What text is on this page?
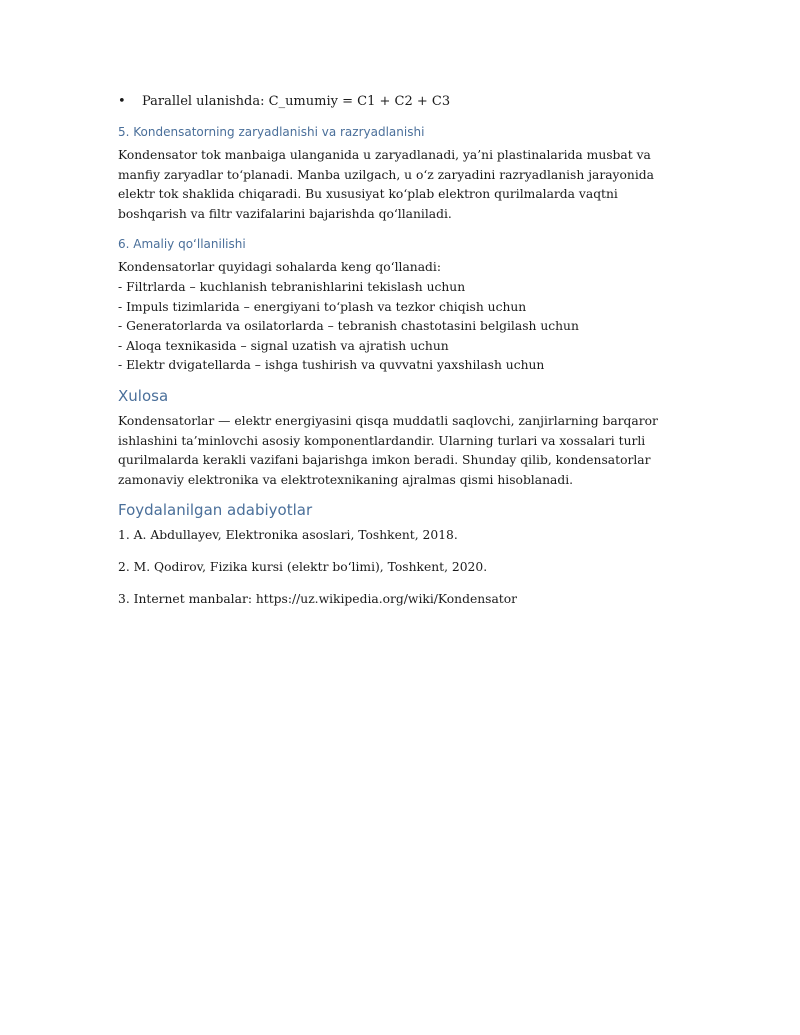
•	Parallel ulanishda: C_umumiy = C1 + C2 + C3
5. Kondensatorning zaryadlanishi va razryadlanishi

Kondensator tok manbaiga ulanganida u zaryadlanadi, ya’ni plastinalarida musbat va manfiy zaryadlar to‘planadi. Manba uzilgach, u o‘z zaryadini razryadlanish jarayonida elektr tok shaklida chiqaradi. Bu xususiyat ko‘plab elektron qurilmalarda vaqtni boshqarish va filtr vazifalarini bajarishda qo‘llaniladi.

6. Amaliy qo‘llanilishi
Kondensatorlar quyidagi sohalarda keng qo‘llanadi:
- Filtrlarda – kuchlanish tebranishlarini tekislash uchun
- Impuls tizimlarida – energiyani to‘plash va tezkor chiqish uchun
- Generatorlarda va osilatorlarda – tebranish chastotasini belgilash uchun
- Aloqa texnikasida – signal uzatish va ajratish uchun
- Elektr dvigatellarda – ishga tushirish va quvvatni yaxshilash uchun
Xulosa

Kondensatorlar — elektr energiyasini qisqa muddatli saqlovchi, zanjirlarning barqaror ishlashini ta’minlovchi asosiy komponentlardandir. Ularning turlari va xossalari turli qurilmalarda kerakli vazifani bajarishga imkon beradi. Shunday qilib, kondensatorlar zamonaviy elektronika va elektrotexnikaning ajralmas qismi hisoblanadi.

Foydalanilgan adabiyotlar
1. A. Abdullayev, Elektronika asoslari, Toshkent, 2018.
2. M. Qodirov, Fizika kursi (elektr bo‘limi), Toshkent, 2020.
3. Internet manbalar: https://uz.wikipedia.org/wiki/Kondensator
